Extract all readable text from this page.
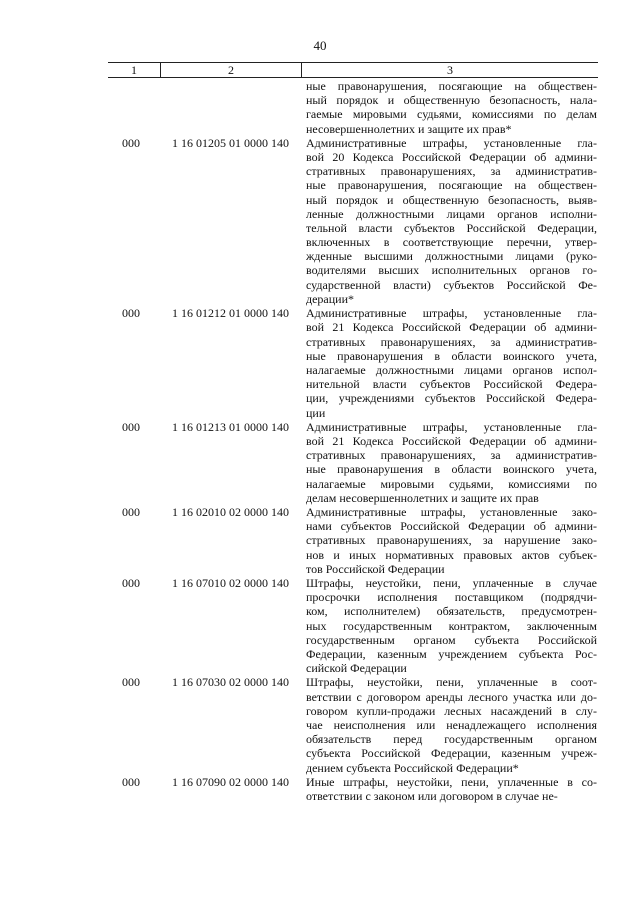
40
1	2	3
ные правонарушения, посягающие на обществен-
ный порядок и общественную безопасность, нала-
гаемые мировыми судьями, комиссиями по делам
несовершеннолетних и защите их прав*
000	1 16 01205 01 0000 140	Административные штрафы, установленные гла-
вой 20 Кодекса Российской Федерации об админи-
стративных правонарушениях, за административ-
ные правонарушения, посягающие на обществен-
ный порядок и общественную безопасность, выяв-
ленные должностными лицами органов исполни-
тельной власти субъектов Российской Федерации,
включенных в соответствующие перечни, утвер-
жденные высшими должностными лицами (руко-
водителями высших исполнительных органов го-
сударственной власти) субъектов Российской Фе-
дерации*
000	1 16 01212 01 0000 140	Административные штрафы, установленные гла-
вой 21 Кодекса Российской Федерации об админи-
стративных правонарушениях, за административ-
ные правонарушения в области воинского учета,
налагаемые должностными лицами органов испол-
нительной власти субъектов Российской Федера-
ции, учреждениями субъектов Российской Федера-
ции
000	1 16 01213 01 0000 140	Административные штрафы, установленные гла-
вой 21 Кодекса Российской Федерации об админи-
стративных правонарушениях, за административ-
ные правонарушения в области воинского учета,
налагаемые мировыми судьями, комиссиями по
делам несовершеннолетних и защите их прав
000	1 16 02010 02 0000 140	Административные штрафы, установленные зако-
нами субъектов Российской Федерации об админи-
стративных правонарушениях, за нарушение зако-
нов и иных нормативных правовых актов субъек-
тов Российской Федерации
000	1 16 07010 02 0000 140	Штрафы, неустойки, пени, уплаченные в случае
просрочки исполнения поставщиком (подрядчи-
ком, исполнителем) обязательств, предусмотрен-
ных государственным контрактом, заключенным
государственным органом субъекта Российской
Федерации, казенным учреждением субъекта Рос-
сийской Федерации
000	1 16 07030 02 0000 140	Штрафы, неустойки, пени, уплаченные в соот-
ветствии с договором аренды лесного участка или до-
говором купли-продажи лесных насаждений в слу-
чае неисполнения или ненадлежащего исполнения
обязательств перед государственным органом
субъекта Российской Федерации, казенным учреж-
дением субъекта Российской Федерации*
000	1 16 07090 02 0000 140	Иные штрафы, неустойки, пени, уплаченные в со-
ответствии с законом или договором в случае не-
